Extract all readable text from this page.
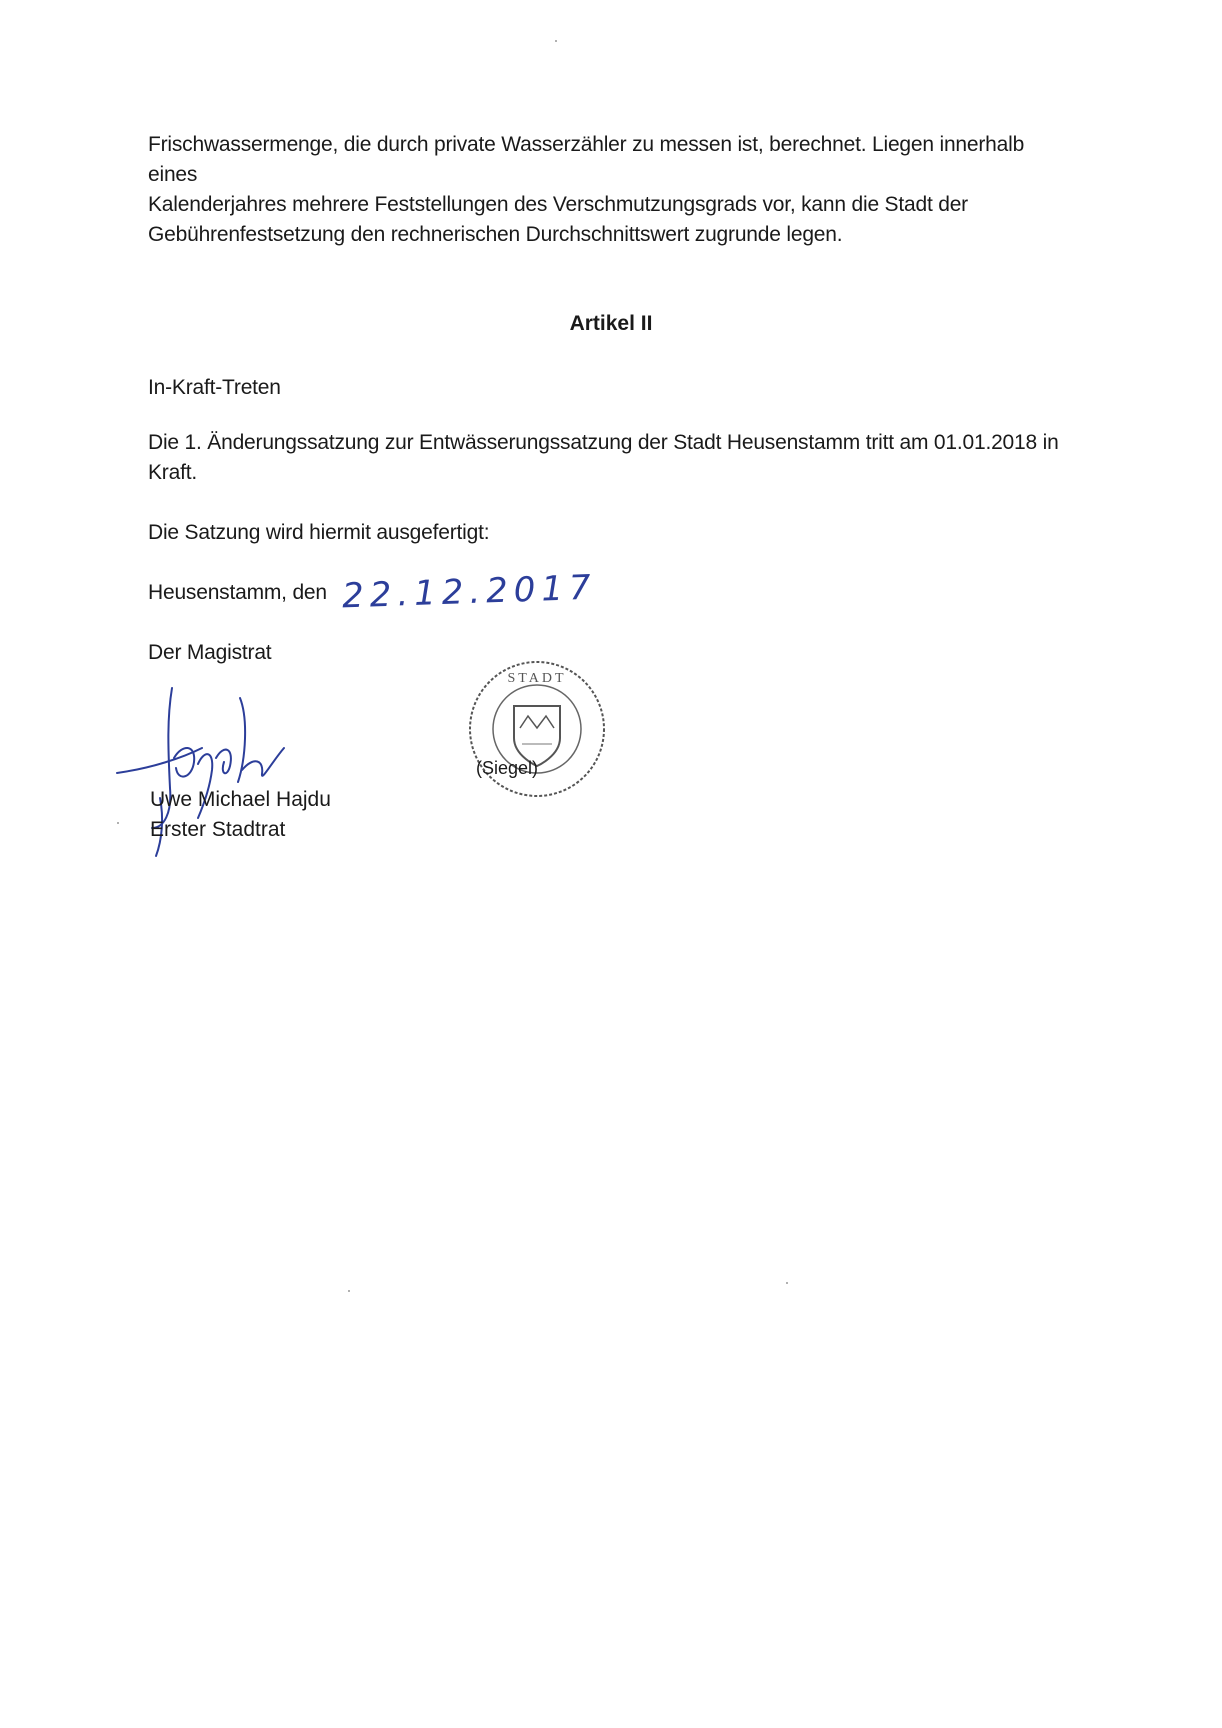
Frischwassermenge, die durch private Wasserzähler zu messen ist, berechnet. Liegen innerhalb eines
Kalenderjahres mehrere Feststellungen des Verschmutzungsgrads vor, kann die Stadt der
Gebührenfestsetzung den rechnerischen Durchschnittswert zugrunde legen.
Artikel II
In-Kraft-Treten
Die 1. Änderungssatzung zur Entwässerungssatzung der Stadt Heusenstamm tritt am 01.01.2018 in
Kraft.
Die Satzung wird hiermit ausgefertigt:
Heusenstamm, den 22.12.2017
Der Magistrat
STADT
(Siegel)
Uwe Michael Hajdu
Erster Stadtrat
